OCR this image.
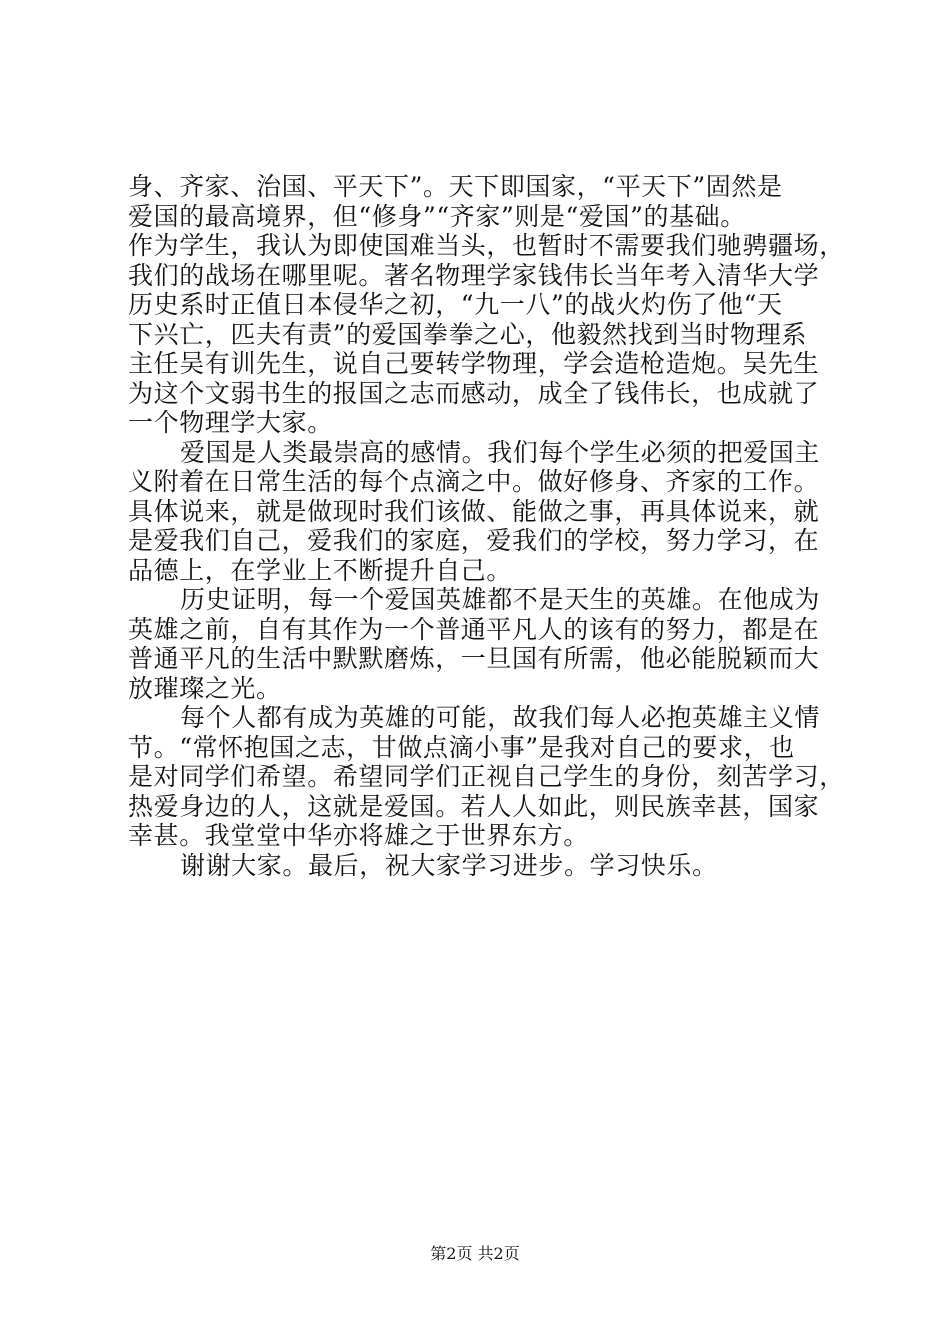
身、齐家、治国、平天下”。天下即国家，“平天下”固然是
爱国的最高境界，但“修身”“齐家”则是“爱国”的基础。
作为学生，我认为即使国难当头，也暂时不需要我们驰骋疆场，
我们的战场在哪里呢。著名物理学家钱伟长当年考入清华大学
历史系时正值日本侵华之初，“九一八”的战火灼伤了他“天
下兴亡，匹夫有责”的爱国拳拳之心，他毅然找到当时物理系
主任吴有训先生，说自己要转学物理，学会造枪造炮。吴先生
为这个文弱书生的报国之志而感动，成全了钱伟长，也成就了
一个物理学大家。
爱国是人类最崇高的感情。我们每个学生必须的把爱国主
义附着在日常生活的每个点滴之中。做好修身、齐家的工作。
具体说来，就是做现时我们该做、能做之事，再具体说来，就
是爱我们自己，爱我们的家庭，爱我们的学校，努力学习，在
品德上，在学业上不断提升自己。
历史证明，每一个爱国英雄都不是天生的英雄。在他成为
英雄之前，自有其作为一个普通平凡人的该有的努力，都是在
普通平凡的生活中默默磨炼，一旦国有所需，他必能脱颖而大
放璀璨之光。
每个人都有成为英雄的可能，故我们每人必抱英雄主义情
节。“常怀抱国之志，甘做点滴小事”是我对自己的要求，也
是对同学们希望。希望同学们正视自己学生的身份，刻苦学习，
热爱身边的人，这就是爱国。若人人如此，则民族幸甚，国家
幸甚。我堂堂中华亦将雄之于世界东方。
谢谢大家。最后，祝大家学习进步。学习快乐。
第2页 共2页
